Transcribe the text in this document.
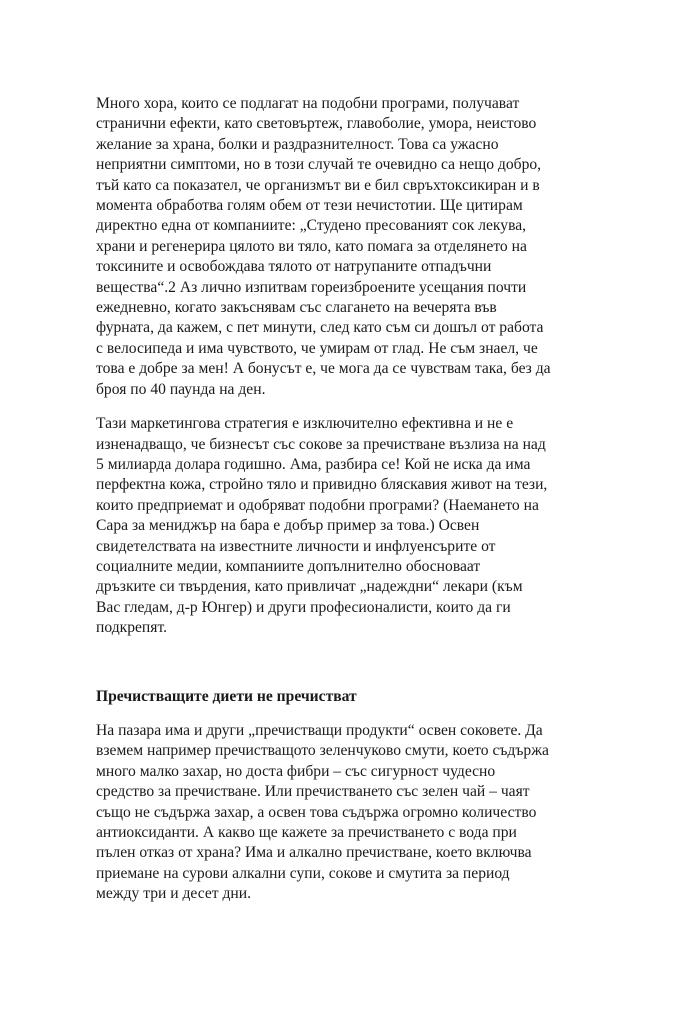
Много хора, които се подлагат на подобни програми, получават
странични ефекти, като световъртеж, главоболие, умора, неистово
желание за храна, болки и раздразнителност. Това са ужасно
неприятни симптоми, но в този случай те очевидно са нещо добро,
тъй като са показател, че организмът ви е бил свръхтоксикиран и в
момента обработва голям обем от тези нечистотии. Ще цитирам
директно една от компаниите: „Студено пресованият сок лекува,
храни и регенерира цялото ви тяло, като помага за отделянето на
токсините и освобождава тялото от натрупаните отпадъчни
вещества“.2 Аз лично изпитвам гореизброените усещания почти
ежедневно, когато закъснявам със слагането на вечерята във
фурната, да кажем, с пет минути, след като съм си дошъл от работа
с велосипеда и има чувството, че умирам от глад. Не съм знаел, че
това е добре за мен! А бонусът е, че мога да се чувствам така, без да
броя по 40 паунда на ден.
Тази маркетингова стратегия е изключително ефективна и не е
изненадващо, че бизнесът със сокове за пречистване възлиза на над
5 милиарда долара годишно. Ама, разбира се! Кой не иска да има
перфектна кожа, стройно тяло и привидно бляскавия живот на тези,
които предприемат и одобряват подобни програми? (Наемането на
Сара за мениджър на бара е добър пример за това.) Освен
свидетелствата на известните личности и инфлуенсърите от
социалните медии, компаниите допълнително обосноваат
дръзките си твърдения, като привличат „надеждни“ лекари (към
Вас гледам, д-р Юнгер) и други професионалисти, които да ги
подкрепят.
Пречистващите диети не пречистват
На пазара има и други „пречистващи продукти“ освен соковете. Да
вземем например пречистващото зеленчуково смути, което съдържа
много малко захар, но доста фибри – със сигурност чудесно
средство за пречистване. Или пречистването със зелен чай – чаят
също не съдържа захар, а освен това съдържа огромно количество
антиоксиданти. А какво ще кажете за пречистването с вода при
пълен отказ от храна? Има и алкално пречистване, което включва
приемане на сурови алкални супи, сокове и смутита за период
между три и десет дни.
